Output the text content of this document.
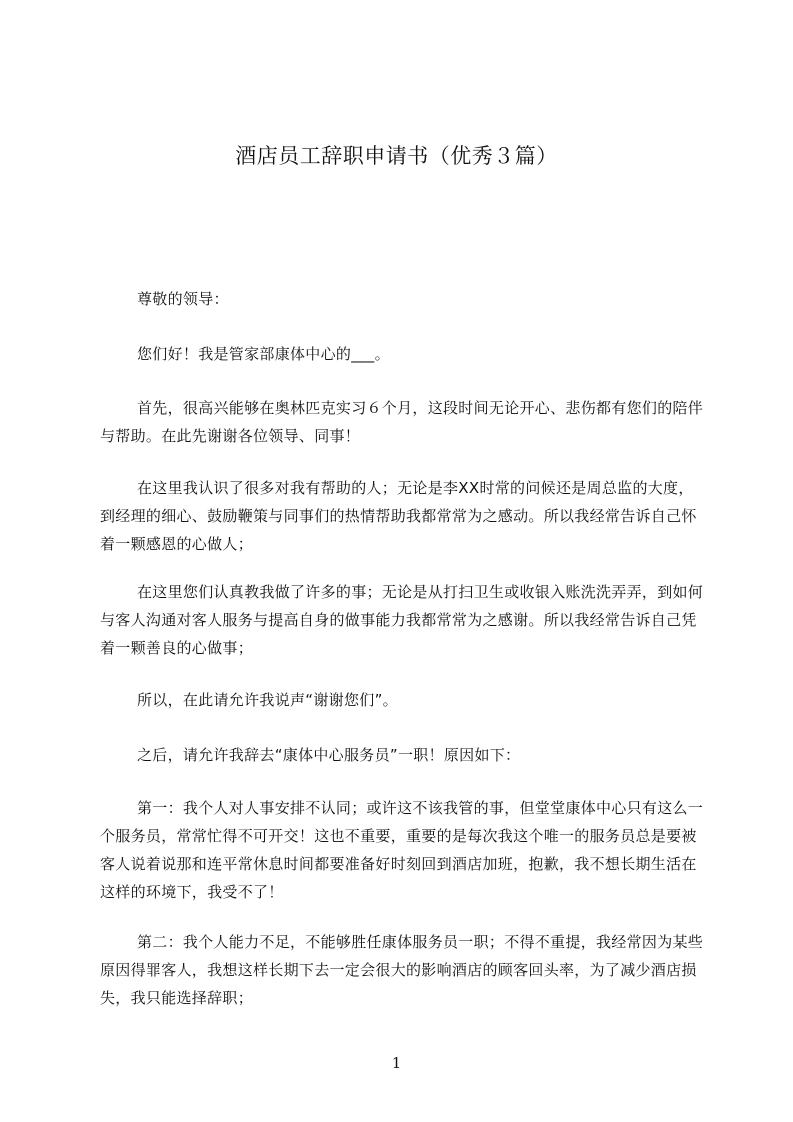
酒店员工辞职申请书（优秀３篇）

尊敬的领导：

您们好！我是管家部康体中心的___。

首先，很高兴能够在奥林匹克实习６个月，这段时间无论开心、悲伤都有您们的陪伴与帮助。在此先谢谢各位领导、同事！

在这里我认识了很多对我有帮助的人；无论是李XX时常的问候还是周总监的大度，到经理的细心、鼓励鞭策与同事们的热情帮助我都常常为之感动。所以我经常告诉自己怀着一颗感恩的心做人；

在这里您们认真教我做了许多的事；无论是从打扫卫生或收银入账洗洗弄弄，到如何与客人沟通对客人服务与提高自身的做事能力我都常常为之感谢。所以我经常告诉自己凭着一颗善良的心做事；

所以，在此请允许我说声“谢谢您们”。

之后，请允许我辞去“康体中心服务员”一职！原因如下：

第一：我个人对人事安排不认同；或许这不该我管的事，但堂堂康体中心只有这么一个服务员，常常忙得不可开交！这也不重要，重要的是每次我这个唯一的服务员总是要被客人说着说那和连平常休息时间都要准备好时刻回到酒店加班，抱歉，我不想长期生活在这样的环境下，我受不了！

第二：我个人能力不足，不能够胜任康体服务员一职；不得不重提，我经常因为某些原因得罪客人，我想这样长期下去一定会很大的影响酒店的顾客回头率，为了减少酒店损失，我只能选择辞职；

1
